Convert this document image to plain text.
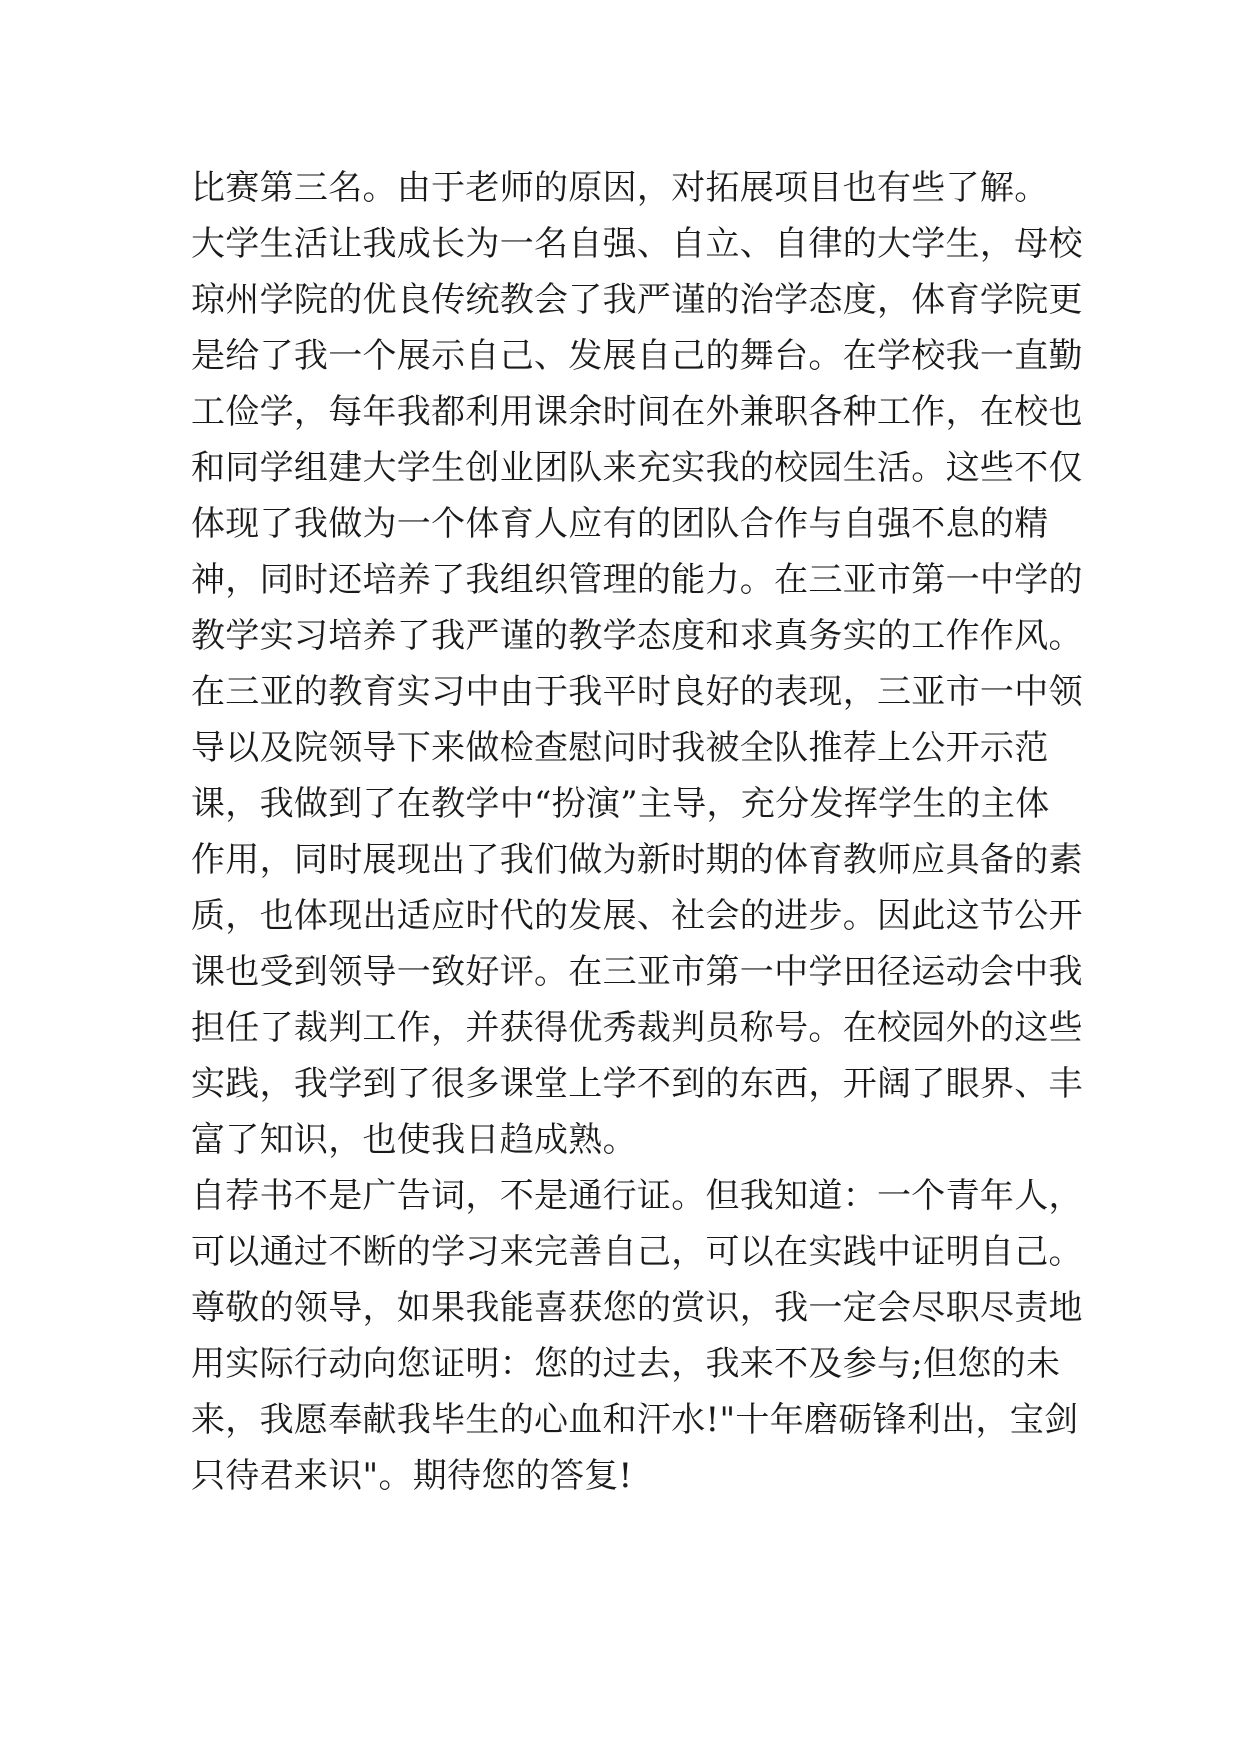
比赛第三名。由于老师的原因，对拓展项目也有些了解。
大学生活让我成长为一名自强、自立、自律的大学生，母校
琼州学院的优良传统教会了我严谨的治学态度，体育学院更
是给了我一个展示自己、发展自己的舞台。在学校我一直勤
工俭学，每年我都利用课余时间在外兼职各种工作，在校也
和同学组建大学生创业团队来充实我的校园生活。这些不仅
体现了我做为一个体育人应有的团队合作与自强不息的精
神，同时还培养了我组织管理的能力。在三亚市第一中学的
教学实习培养了我严谨的教学态度和求真务实的工作作风。
在三亚的教育实习中由于我平时良好的表现，三亚市一中领
导以及院领导下来做检查慰问时我被全队推荐上公开示范
课，我做到了在教学中“扮演”主导，充分发挥学生的主体
作用，同时展现出了我们做为新时期的体育教师应具备的素
质，也体现出适应时代的发展、社会的进步。因此这节公开
课也受到领导一致好评。在三亚市第一中学田径运动会中我
担任了裁判工作，并获得优秀裁判员称号。在校园外的这些
实践，我学到了很多课堂上学不到的东西，开阔了眼界、丰
富了知识，也使我日趋成熟。
自荐书不是广告词，不是通行证。但我知道：一个青年人，
可以通过不断的学习来完善自己，可以在实践中证明自己。
尊敬的领导，如果我能喜获您的赏识，我一定会尽职尽责地
用实际行动向您证明：您的过去，我来不及参与;但您的未
来，我愿奉献我毕生的心血和汗水!"十年磨砺锋利出，宝剑
只待君来识"。期待您的答复!
